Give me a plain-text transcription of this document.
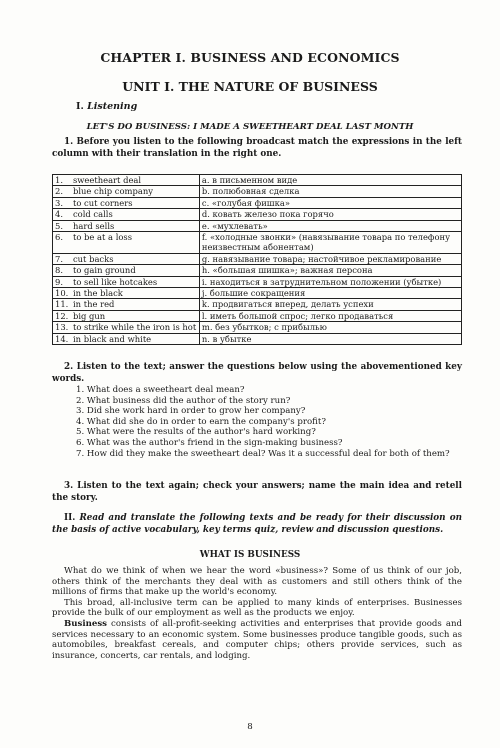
CHAPTER I. BUSINESS AND ECONOMICS
UNIT I. THE NATURE OF BUSINESS

I. Listening

LET'S DO BUSINESS: I MADE A SWEETHEART DEAL LAST MONTH

1. Before you listen to the following broadcast match the expressions in the left column with their translation in the right one.

1.	sweetheart deal	a. в письменном виде
2.	blue chip company	b. полюбовная сделка
3.	to cut corners	c. «голубая фишка»
4.	cold calls	d. ковать железо пока горячо
5.	hard sells	e. «мухлевать»
6.	to be at a loss	f. «холодные звонки» (навязывание товара по телефону неизвестным абонентам)
7.	cut backs	g. навязывание товара; настойчивое рекламирование
8.	to gain ground	h. «большая шишка»; важная персона
9.	to sell like hotcakes	i. находиться в затруднительном положении (убытке)
10.	in the black	j. большие сокращения
11.	in the red	k. продвигаться вперед, делать успехи
12.	big gun	l. иметь большой спрос; легко продаваться
13.	to strike while the iron is hot	m. без убытков; с прибылью
14.	in black and white	n. в убытке

2. Listen to the text; answer the questions below using the abovementioned key words.

1. What does a sweetheart deal mean?
2. What business did the author of the story run?
3. Did she work hard in order to grow her company?
4. What did she do in order to earn the company's profit?
5. What were the results of the author's hard working?
6. What was the author's friend in the sign-making business?
7. How did they make the sweetheart deal? Was it a successful deal for both of them?

3. Listen to the text again; check your answers; name the main idea and retell the story.

II. Read and translate the following texts and be ready for their discussion on the basis of active vocabulary, key terms quiz, review and discussion questions.

WHAT IS BUSINESS

What do we think of when we hear the word «business»? Some of us think of our job, others think of the merchants they deal with as customers and still others think of the millions of firms that make up the world's economy.

This broad, all-inclusive term can be applied to many kinds of enterprises. Businesses provide the bulk of our employment as well as the products we enjoy.

Business consists of all-profit-seeking activities and enterprises that provide goods and services necessary to an economic system. Some businesses produce tangible goods, such as automobiles, breakfast cereals, and computer chips; others provide services, such as insurance, concerts, car rentals, and lodging.

8
